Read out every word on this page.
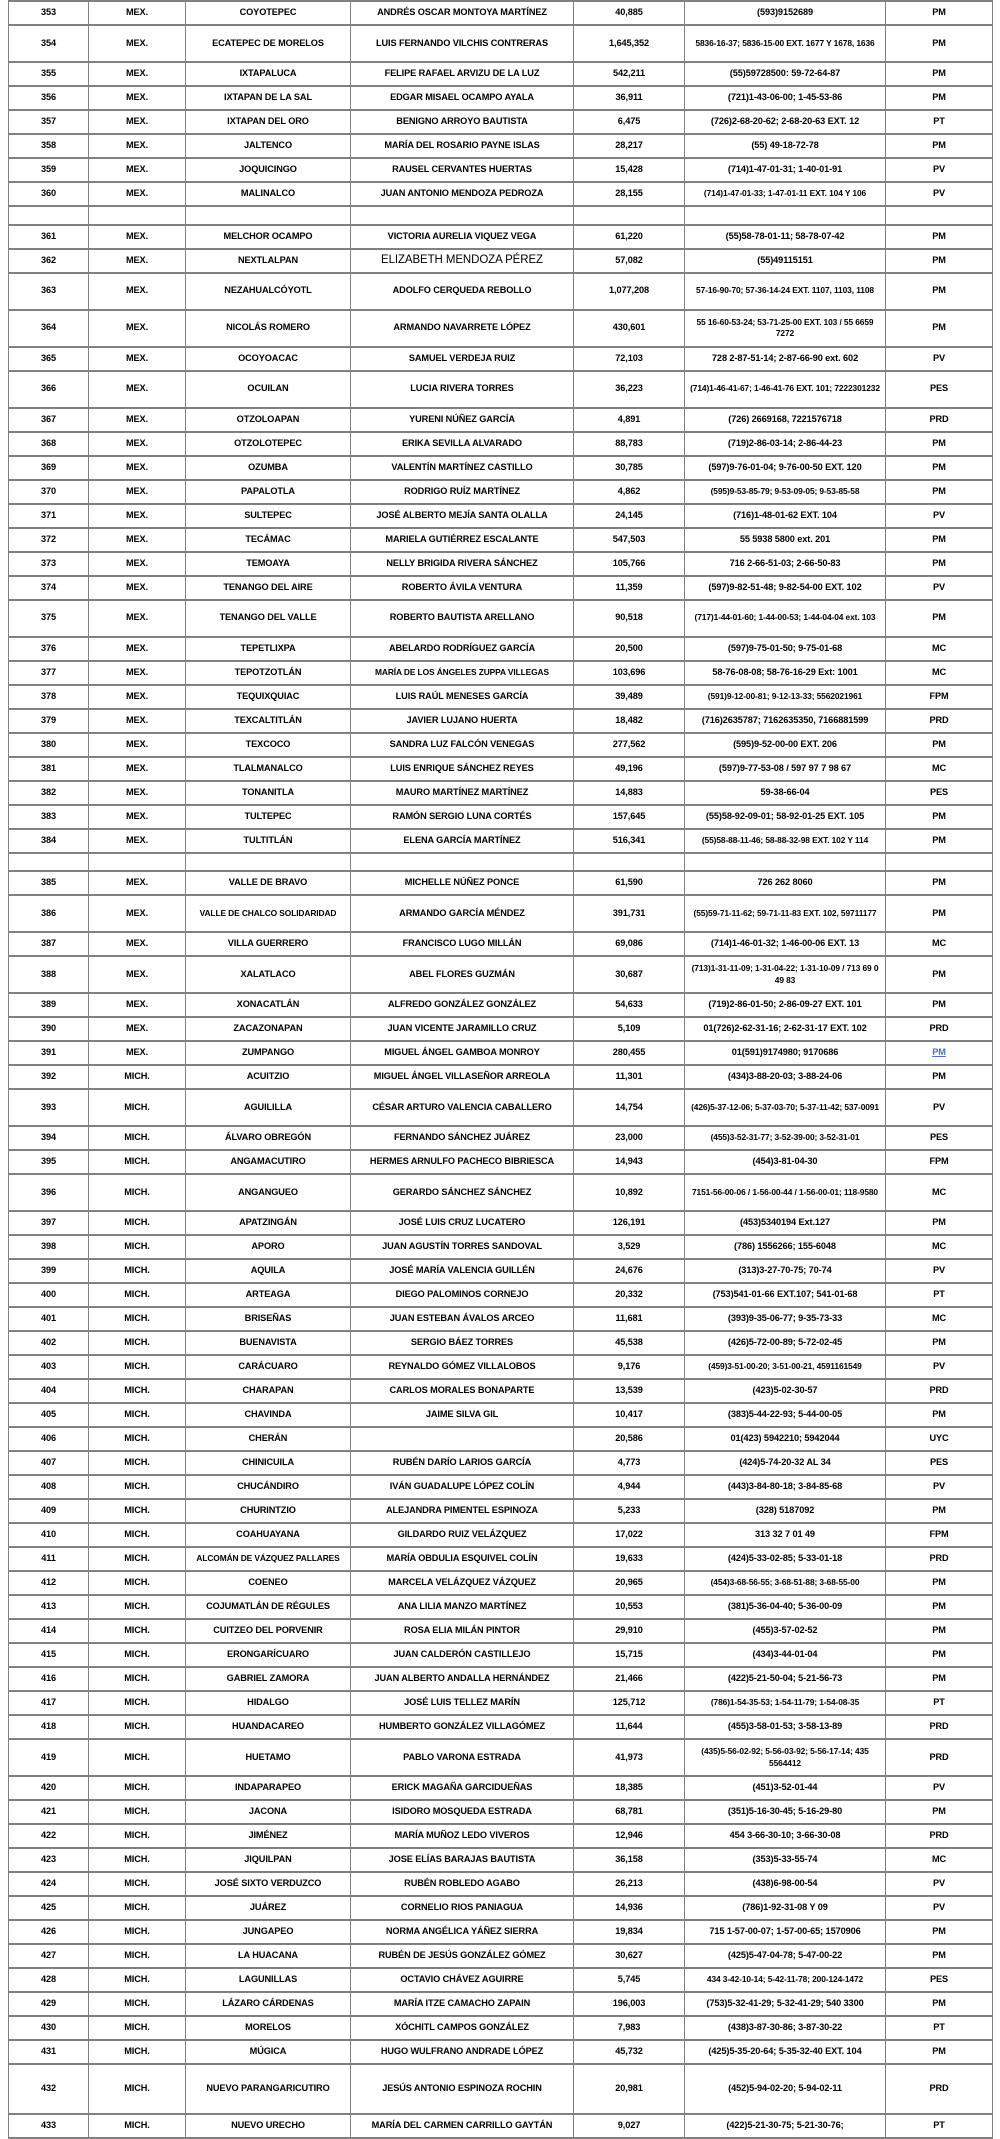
353	MEX.	COYOTEPEC	ANDRÉS OSCAR MONTOYA MARTÍNEZ	40,885	(593)9152689	PM
354	MEX.	ECATEPEC DE MORELOS	LUIS FERNANDO VILCHIS CONTRERAS	1,645,352	5836-16-37; 5836-15-00 EXT. 1677 Y 1678, 1636	PM
355	MEX.	IXTAPALUCA	FELIPE RAFAEL ARVIZU DE LA LUZ	542,211	(55)59728500: 59-72-64-87	PM
356	MEX.	IXTAPAN DE LA SAL	EDGAR MISAEL OCAMPO AYALA	36,911	(721)1-43-06-00; 1-45-53-86	PM
357	MEX.	IXTAPAN DEL ORO	BENIGNO ARROYO BAUTISTA	6,475	(726)2-68-20-62; 2-68-20-63 EXT. 12	PT
358	MEX.	JALTENCO	MARÍA DEL ROSARIO PAYNE ISLAS	28,217	(55) 49-18-72-78	PM
359	MEX.	JOQUICINGO	RAUSEL CERVANTES HUERTAS	15,428	(714)1-47-01-31; 1-40-01-91	PV
360	MEX.	MALINALCO	JUAN ANTONIO MENDOZA PEDROZA	28,155	(714)1-47-01-33; 1-47-01-11 EXT. 104 Y 106	PV

361	MEX.	MELCHOR OCAMPO	VICTORIA AURELIA VIQUEZ VEGA	61,220	(55)58-78-01-11; 58-78-07-42	PM
362	MEX.	NEXTLALPAN	ELIZABETH MENDOZA PÉREZ	57,082	(55)49115151	PM
363	MEX.	NEZAHUALCÓYOTL	ADOLFO CERQUEDA REBOLLO	1,077,208	57-16-90-70; 57-36-14-24 EXT. 1107, 1103, 1108	PM
364	MEX.	NICOLÁS ROMERO	ARMANDO NAVARRETE LÓPEZ	430,601	55 16-60-53-24; 53-71-25-00 EXT. 103 / 55 6659 7272	PM
365	MEX.	OCOYOACAC	SAMUEL VERDEJA RUIZ	72,103	728 2-87-51-14; 2-87-66-90 ext. 602	PV
366	MEX.	OCUILAN	LUCIA RIVERA TORRES	36,223	(714)1-46-41-67; 1-46-41-76 EXT. 101; 7222301232	PES
367	MEX.	OTZOLOAPAN	YURENI NÚÑEZ GARCÍA	4,891	(726) 2669168, 7221576718	PRD
368	MEX.	OTZOLOTEPEC	ERIKA SEVILLA ALVARADO	88,783	(719)2-86-03-14; 2-86-44-23	PM
369	MEX.	OZUMBA	VALENTÍN MARTÍNEZ CASTILLO	30,785	(597)9-76-01-04; 9-76-00-50 EXT. 120	PM
370	MEX.	PAPALOTLA	RODRIGO RUÍZ MARTÍNEZ	4,862	(595)9-53-85-79; 9-53-09-05; 9-53-85-58	PM
371	MEX.	SULTEPEC	JOSÉ ALBERTO MEJÍA SANTA OLALLA	24,145	(716)1-48-01-62 EXT. 104	PV
372	MEX.	TECÁMAC	MARIELA GUTIÉRREZ ESCALANTE	547,503	55 5938 5800 ext. 201	PM
373	MEX.	TEMOAYA	NELLY BRIGIDA RIVERA SÁNCHEZ	105,766	716 2-66-51-03; 2-66-50-83	PM
374	MEX.	TENANGO DEL AIRE	ROBERTO ÁVILA VENTURA	11,359	(597)9-82-51-48; 9-82-54-00 EXT. 102	PV
375	MEX.	TENANGO DEL VALLE	ROBERTO BAUTISTA ARELLANO	90,518	(717)1-44-01-60; 1-44-00-53; 1-44-04-04 ext. 103	PM
376	MEX.	TEPETLIXPA	ABELARDO RODRÍGUEZ GARCÍA	20,500	(597)9-75-01-50; 9-75-01-68	MC
377	MEX.	TEPOTZOTLÁN	MARÍA DE LOS ÁNGELES ZUPPA VILLEGAS	103,696	58-76-08-08; 58-76-16-29 Ext: 1001	MC
378	MEX.	TEQUIXQUIAC	LUIS RAÚL MENESES GARCÍA	39,489	(591)9-12-00-81; 9-12-13-33; 5562021961	FPM
379	MEX.	TEXCALTITLÁN	JAVIER LUJANO HUERTA	18,482	(716)2635787; 7162635350, 7166881599	PRD
380	MEX.	TEXCOCO	SANDRA LUZ FALCÓN VENEGAS	277,562	(595)9-52-00-00 EXT. 206	PM
381	MEX.	TLALMANALCO	LUIS ENRIQUE SÁNCHEZ REYES	49,196	(597)9-77-53-08 / 597 97 7 98 67	MC
382	MEX.	TONANITLA	MAURO MARTÍNEZ MARTÍNEZ	14,883	59-38-66-04	PES
383	MEX.	TULTEPEC	RAMÓN SERGIO LUNA CORTÉS	157,645	(55)58-92-09-01; 58-92-01-25 EXT. 105	PM
384	MEX.	TULTITLÁN	ELENA GARCÍA MARTÍNEZ	516,341	(55)58-88-11-46; 58-88-32-98 EXT. 102 Y 114	PM

385	MEX.	VALLE DE BRAVO	MICHELLE NÚÑEZ PONCE	61,590	726 262 8060	PM
386	MEX.	VALLE DE CHALCO SOLIDARIDAD	ARMANDO GARCÍA MÉNDEZ	391,731	(55)59-71-11-62; 59-71-11-83 EXT. 102, 59711177	PM
387	MEX.	VILLA GUERRERO	FRANCISCO LUGO MILLÁN	69,086	(714)1-46-01-32; 1-46-00-06 EXT. 13	MC
388	MEX.	XALATLACO	ABEL FLORES GUZMÁN	30,687	(713)1-31-11-09; 1-31-04-22; 1-31-10-09 / 713 69 0 49 83	PM
389	MEX.	XONACATLÁN	ALFREDO GONZÁLEZ GONZÁLEZ	54,633	(719)2-86-01-50; 2-86-09-27 EXT. 101	PM
390	MEX.	ZACAZONAPAN	JUAN VICENTE JARAMILLO CRUZ	5,109	01(726)2-62-31-16; 2-62-31-17 EXT. 102	PRD
391	MEX.	ZUMPANGO	MIGUEL ÁNGEL GAMBOA MONROY	280,455	01(591)9174980; 9170686	PM
392	MICH.	ACUITZIO	MIGUEL ÁNGEL VILLASEÑOR ARREOLA	11,301	(434)3-88-20-03; 3-88-24-06	PM
393	MICH.	AGUILILLA	CÉSAR ARTURO VALENCIA CABALLERO	14,754	(426)5-37-12-06; 5-37-03-70; 5-37-11-42; 537-0091	PV
394	MICH.	ÁLVARO OBREGÓN	FERNANDO SÁNCHEZ JUÁREZ	23,000	(455)3-52-31-77; 3-52-39-00; 3-52-31-01	PES
395	MICH.	ANGAMACUTIRO	HERMES ARNULFO PACHECO BIBRIESCA	14,943	(454)3-81-04-30	FPM
396	MICH.	ANGANGUEO	GERARDO SÁNCHEZ SÁNCHEZ	10,892	7151-56-00-06 / 1-56-00-44 / 1-56-00-01; 118-9580	MC
397	MICH.	APATZINGÁN	JOSÉ LUIS CRUZ LUCATERO	126,191	(453)5340194 Ext.127	PM
398	MICH.	APORO	JUAN AGUSTÍN TORRES SANDOVAL	3,529	(786) 1556266; 155-6048	MC
399	MICH.	AQUILA	JOSÉ MARÍA VALENCIA GUILLÉN	24,676	(313)3-27-70-75; 70-74	PV
400	MICH.	ARTEAGA	DIEGO PALOMINOS CORNEJO	20,332	(753)541-01-66 EXT.107; 541-01-68	PT
401	MICH.	BRISEÑAS	JUAN ESTEBAN ÁVALOS ARCEO	11,681	(393)9-35-06-77; 9-35-73-33	MC
402	MICH.	BUENAVISTA	SERGIO BÁEZ TORRES	45,538	(426)5-72-00-89; 5-72-02-45	PM
403	MICH.	CARÁCUARO	REYNALDO GÓMEZ VILLALOBOS	9,176	(459)3-51-00-20; 3-51-00-21, 4591161549	PV
404	MICH.	CHARAPAN	CARLOS MORALES BONAPARTE	13,539	(423)5-02-30-57	PRD
405	MICH.	CHAVINDA	JAIME SILVA GIL	10,417	(383)5-44-22-93; 5-44-00-05	PM
406	MICH.	CHERÁN		20,586	01(423) 5942210; 5942044	UYC
407	MICH.	CHINICUILA	RUBÉN DARÍO LARIOS GARCÍA	4,773	(424)5-74-20-32 AL 34	PES
408	MICH.	CHUCÁNDIRO	IVÁN GUADALUPE LÓPEZ COLÍN	4,944	(443)3-84-80-18; 3-84-85-68	PV
409	MICH.	CHURINTZIO	ALEJANDRA PIMENTEL ESPINOZA	5,233	(328) 5187092	PM
410	MICH.	COAHUAYANA	GILDARDO RUIZ VELÁZQUEZ	17,022	313 32 7 01 49	FPM
411	MICH.	ALCOMÁN DE VÁZQUEZ PALLARES	MARÍA OBDULIA ESQUIVEL COLÍN	19,633	(424)5-33-02-85; 5-33-01-18	PRD
412	MICH.	COENEO	MARCELA VELÁZQUEZ VÁZQUEZ	20,965	(454)3-68-56-55; 3-68-51-88; 3-68-55-00	PM
413	MICH.	COJUMATLÁN DE RÉGULES	ANA LILIA MANZO MARTÍNEZ	10,553	(381)5-36-04-40; 5-36-00-09	PM
414	MICH.	CUITZEO DEL PORVENIR	ROSA ELIA MILÁN PINTOR	29,910	(455)3-57-02-52	PM
415	MICH.	ERONGARÍCUARO	JUAN CALDERÓN CASTILLEJO	15,715	(434)3-44-01-04	PM
416	MICH.	GABRIEL ZAMORA	JUAN ALBERTO ANDALLA HERNÁNDEZ	21,466	(422)5-21-50-04; 5-21-56-73	PM
417	MICH.	HIDALGO	JOSÉ LUIS TELLEZ MARÍN	125,712	(786)1-54-35-53; 1-54-11-79; 1-54-08-35	PT
418	MICH.	HUANDACAREO	HUMBERTO GONZÁLEZ VILLAGÓMEZ	11,644	(455)3-58-01-53; 3-58-13-89	PRD
419	MICH.	HUETAMO	PABLO VARONA ESTRADA	41,973	(435)5-56-02-92; 5-56-03-92; 5-56-17-14; 435 5564412	PRD
420	MICH.	INDAPARAPEO	ERICK MAGAÑA GARCIDUEÑAS	18,385	(451)3-52-01-44	PV
421	MICH.	JACONA	ISIDORO MOSQUEDA ESTRADA	68,781	(351)5-16-30-45; 5-16-29-80	PM
422	MICH.	JIMÉNEZ	MARÍA MUÑOZ LEDO VIVEROS	12,946	454 3-66-30-10; 3-66-30-08	PRD
423	MICH.	JIQUILPAN	JOSE ELÍAS BARAJAS BAUTISTA	36,158	(353)5-33-55-74	MC
424	MICH.	JOSÉ SIXTO VERDUZCO	RUBÉN ROBLEDO AGABO	26,213	(438)6-98-00-54	PV
425	MICH.	JUÁREZ	CORNELIO RIOS PANIAGUA	14,936	(786)1-92-31-08 Y 09	PV
426	MICH.	JUNGAPEO	NORMA ANGÉLICA YÁÑEZ SIERRA	19,834	715 1-57-00-07; 1-57-00-65; 1570906	PM
427	MICH.	LA HUACANA	RUBÉN DE JESÚS GONZÁLEZ GÓMEZ	30,627	(425)5-47-04-78; 5-47-00-22	PM
428	MICH.	LAGUNILLAS	OCTAVIO CHÁVEZ AGUIRRE	5,745	434 3-42-10-14; 5-42-11-78; 200-124-1472	PES
429	MICH.	LÁZARO CÁRDENAS	MARÍA ITZE CAMACHO ZAPAIN	196,003	(753)5-32-41-29; 5-32-41-29; 540 3300	PM
430	MICH.	MORELOS	XÓCHITL CAMPOS GONZÁLEZ	7,983	(438)3-87-30-86; 3-87-30-22	PT
431	MICH.	MÚGICA	HUGO WULFRANO ANDRADE LÓPEZ	45,732	(425)5-35-20-64; 5-35-32-40 EXT. 104	PM
432	MICH.	NUEVO PARANGARICUTIRO	JESÚS ANTONIO ESPINOZA ROCHIN	20,981	(452)5-94-02-20; 5-94-02-11	PRD
433	MICH.	NUEVO URECHO	MARÍA DEL CARMEN CARRILLO GAYTÁN	9,027	(422)5-21-30-75; 5-21-30-76;	PT
